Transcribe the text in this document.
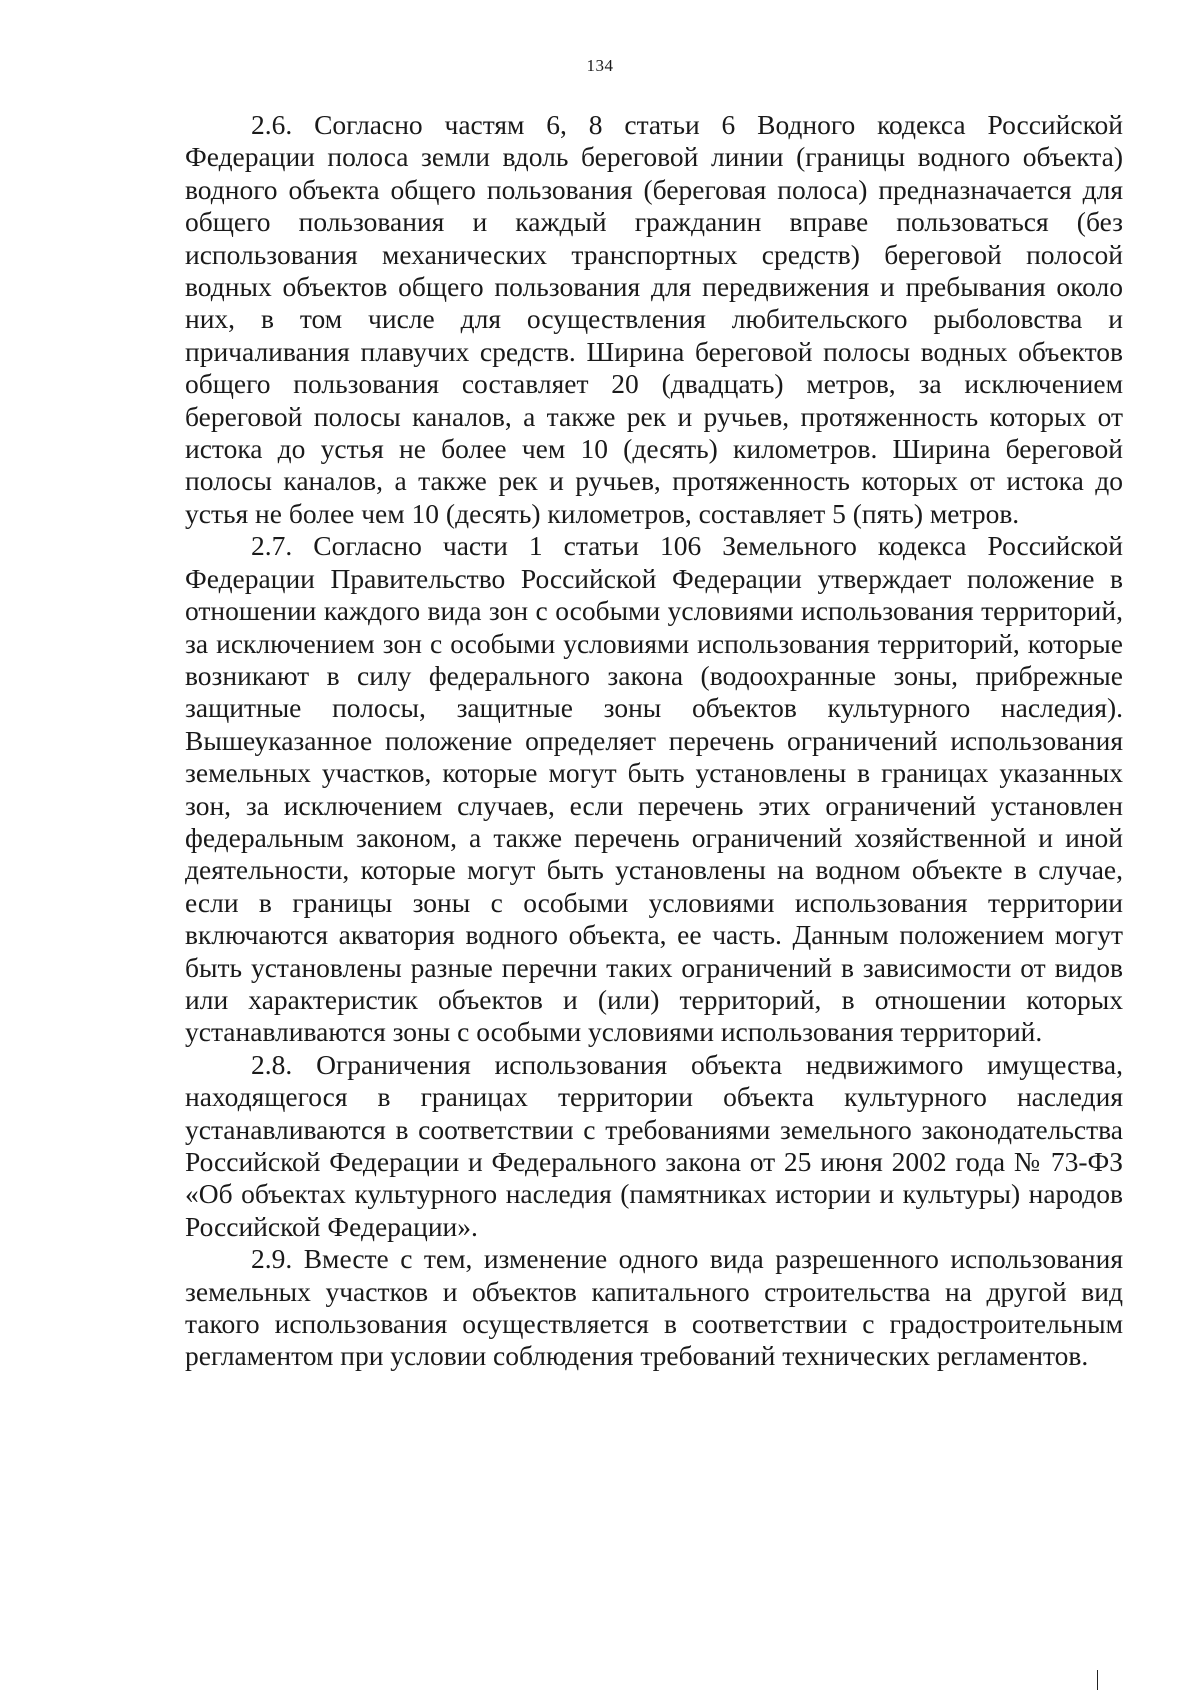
134

2.6. Согласно частям 6, 8 статьи 6 Водного кодекса Российской Федерации полоса земли вдоль береговой линии (границы водного объекта) водного объекта общего пользования (береговая полоса) предназначается для общего пользования и каждый гражданин вправе пользоваться (без использования механических транспортных средств) береговой полосой водных объектов общего пользования для передвижения и пребывания около них, в том числе для осуществления любительского рыболовства и причаливания плавучих средств. Ширина береговой полосы водных объектов общего пользования составляет 20 (двадцать) метров, за исключением береговой полосы каналов, а также рек и ручьев, протяженность которых от истока до устья не более чем 10 (десять) километров. Ширина береговой полосы каналов, а также рек и ручьев, протяженность которых от истока до устья не более чем 10 (десять) километров, составляет 5 (пять) метров.

2.7. Согласно части 1 статьи 106 Земельного кодекса Российской Федерации Правительство Российской Федерации утверждает положение в отношении каждого вида зон с особыми условиями использования территорий, за исключением зон с особыми условиями использования территорий, которые возникают в силу федерального закона (водоохранные зоны, прибрежные защитные полосы, защитные зоны объектов культурного наследия). Вышеуказанное положение определяет перечень ограничений использования земельных участков, которые могут быть установлены в границах указанных зон, за исключением случаев, если перечень этих ограничений установлен федеральным законом, а также перечень ограничений хозяйственной и иной деятельности, которые могут быть установлены на водном объекте в случае, если в границы зоны с особыми условиями использования территории включаются акватория водного объекта, ее часть. Данным положением могут быть установлены разные перечни таких ограничений в зависимости от видов или характеристик объектов и (или) территорий, в отношении которых устанавливаются зоны с особыми условиями использования территорий.

2.8. Ограничения использования объекта недвижимого имущества, находящегося в границах территории объекта культурного наследия устанавливаются в соответствии с требованиями земельного законодательства Российской Федерации и Федерального закона от 25 июня 2002 года № 73-ФЗ «Об объектах культурного наследия (памятниках истории и культуры) народов Российской Федерации».

2.9. Вместе с тем, изменение одного вида разрешенного использования земельных участков и объектов капитального строительства на другой вид такого использования осуществляется в соответствии с градостроительным регламентом при условии соблюдения требований технических регламентов.
